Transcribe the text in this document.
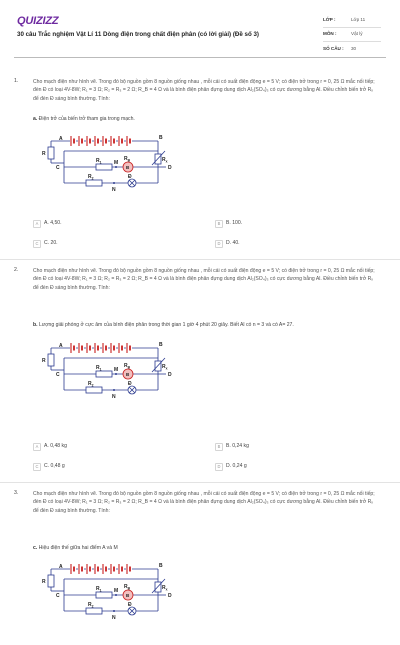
QUIZIZZ
30 câu Trắc nghiệm Vật Lí 11 Dòng điện trong chất điện phân (có lời giải) (Đề số 3)
LỚP :	Lớp 11
MÔN :	Vật lý
SỐ CÂU :	30
1.	Cho mạch điện như hình vẽ. Trong đó bộ nguồn gồm 8 nguồn giống nhau , mỗi cái có suất điện động e = 5 V; có điện trở trong r = 0, 25 Ω mắc nối tiếp; đèn Đ có loại 4V-8W; R₁ = 3 Ω; R₂ = R₃ = 2 Ω; R_B = 4 Ω và là bình điện phân đựng dung dịch Al₂(SO₄)₃ có cực dương bằng Al. Điều chỉnh biến trở Rₓ để đèn Đ sáng bình thường. Tính:
a. Điện trở của biến trở tham gia trong mạch.
A	B
C	D
M
N
R
$R_1$
$R_B$	$R_x$
$R_2$	Đ
B
A	A. 4,50.	B	B. 100.
C	C. 20.	D	D. 40.
2.	Cho mạch điện như hình vẽ. Trong đó bộ nguồn gồm 8 nguồn giống nhau , mỗi cái có suất điện động e = 5 V; có điện trở trong r = 0, 25 Ω mắc nối tiếp; đèn Đ có loại 4V-8W; R₁ = 3 Ω; R₂ = R₃ = 2 Ω; R_B = 4 Ω và là bình điện phân đựng dung dịch Al₂(SO₄)₃ có cực dương bằng Al. Điều chỉnh biến trở Rₓ để đèn Đ sáng bình thường. Tính:
b. Lượng giải phóng ở cực âm của bình điện phân trong thời gian 1 giờ 4 phút 20 giây. Biết Al có n = 3 và có A= 27.
A	B
C	D
M
N
R
$R_1$
$R_B$	$R_x$
$R_2$	Đ
B
A	A. 0,48 kg	B	B. 0,24 kg
C	C. 0,48 g	D	D. 0,24 g
3.	Cho mạch điện như hình vẽ. Trong đó bộ nguồn gồm 8 nguồn giống nhau , mỗi cái có suất điện động e = 5 V; có điện trở trong r = 0, 25 Ω mắc nối tiếp; đèn Đ có loại 4V-8W; R₁ = 3 Ω; R₂ = R₃ = 2 Ω; R_B = 4 Ω và là bình điện phân đựng dung dịch Al₂(SO₄)₃ có cực dương bằng Al. Điều chỉnh biến trở Rₓ để đèn Đ sáng bình thường. Tính:
c. Hiệu điện thế giữa hai điểm A và M
A	B
C	D
M
N
R
$R_1$
$R_B$	$R_x$
$R_2$	Đ
B
